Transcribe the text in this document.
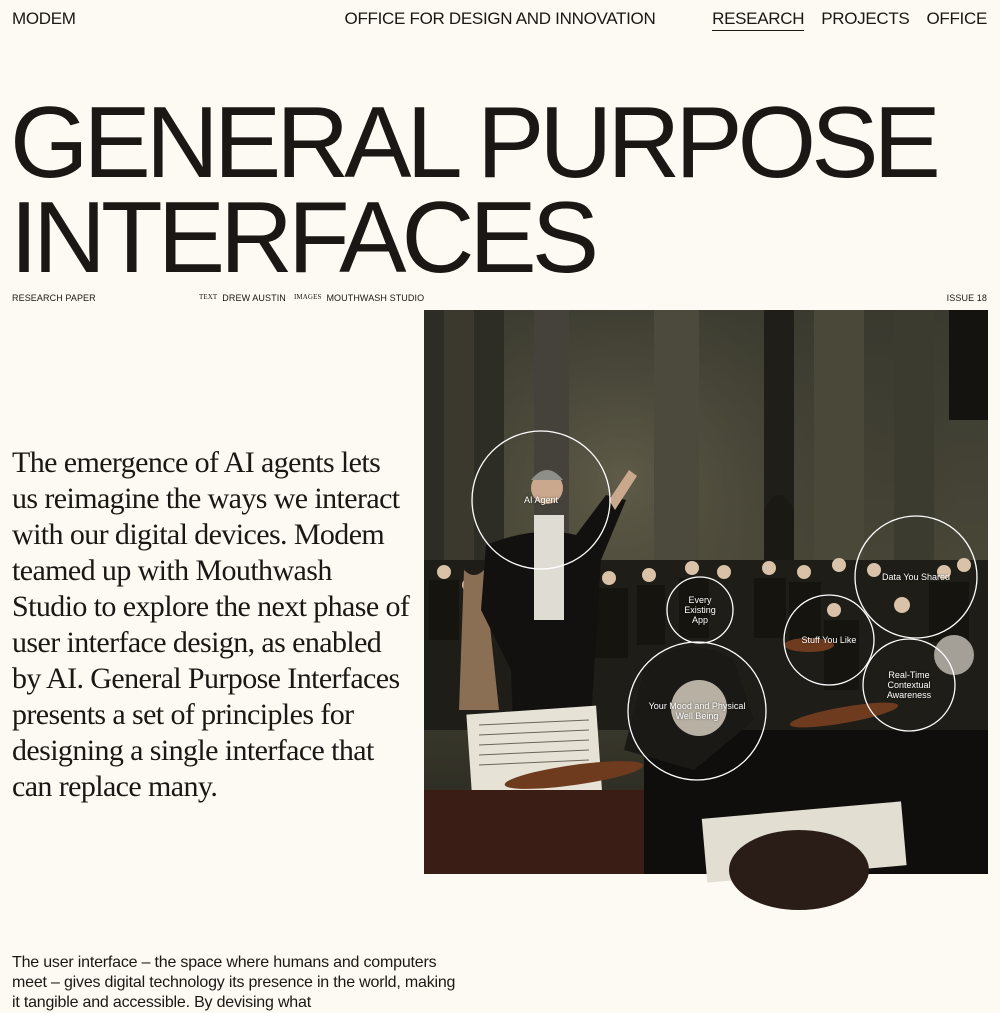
MODEM	OFFICE FOR DESIGN AND INNOVATION	RESEARCH PROJECTS OFFICE
GENERAL PURPOSE
INTERFACES
RESEARCH PAPER	$^{TEXT}$ DREW AUSTIN $^{IMAGES}$ MOUTHWASH STUDIO	ISSUE 18

The emergence of AI agents lets us reimagine the ways we interact with our digital devices. Modem teamed up with Mouthwash Studio to explore the next phase of user interface design, as enabled by AI. General Purpose Interfaces presents a set of principles for designing a single interface that can replace many.

AI Agent
Every Existing App
Data You Shared
Stuff You Like
Your Mood and Physical Well Being
Real-Time Contextual Awareness

The user interface – the space where humans and computers meet – gives digital technology its presence in the world, making it tangible and accessible. By devising what
